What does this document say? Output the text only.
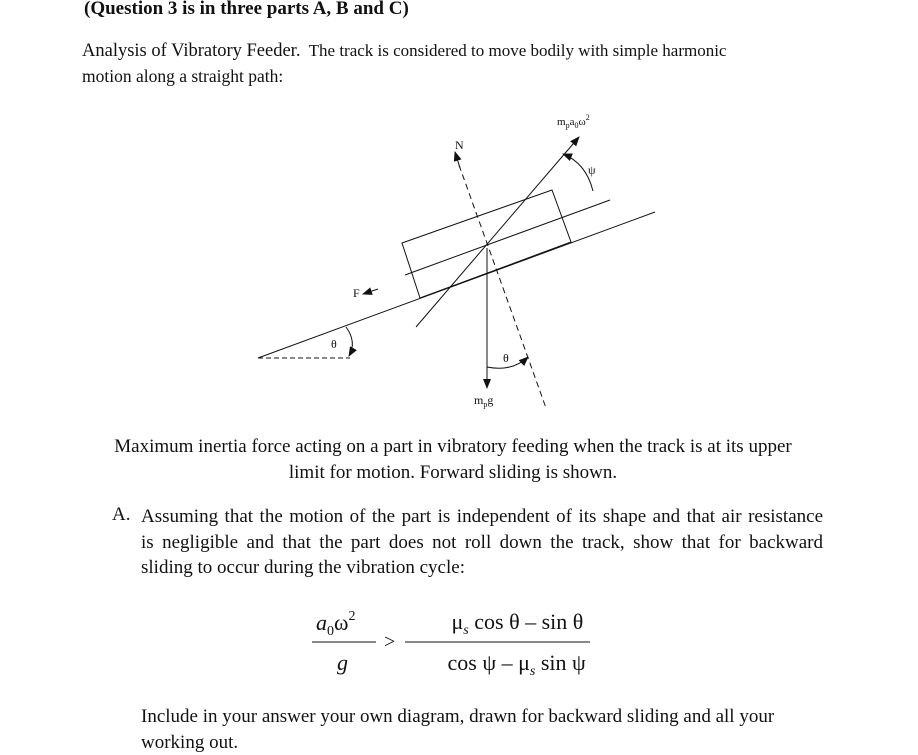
(Question 3 is in three parts A, B and C)
Analysis of Vibratory Feeder.  The track is considered to move bodily with simple harmonic
motion along a straight path:
N
F
θ
θ
ψ
$m_pa_0\omega^2$
$m_pg$
Maximum inertia force acting on a part in vibratory feeding when the track is at its upper
limit for motion. Forward sliding is shown.
A. Assuming that the motion of the part is independent of its shape and that air resistance
is negligible and that the part does not roll down the track, show that for backward
sliding to occur during the vibration cycle:
$a_0\omega^2$
g
>
$\mu_s$ cos θ – sin θ
cos ψ – $\mu_s$ sin ψ
Include in your answer your own diagram, drawn for backward sliding and all your
working out.
